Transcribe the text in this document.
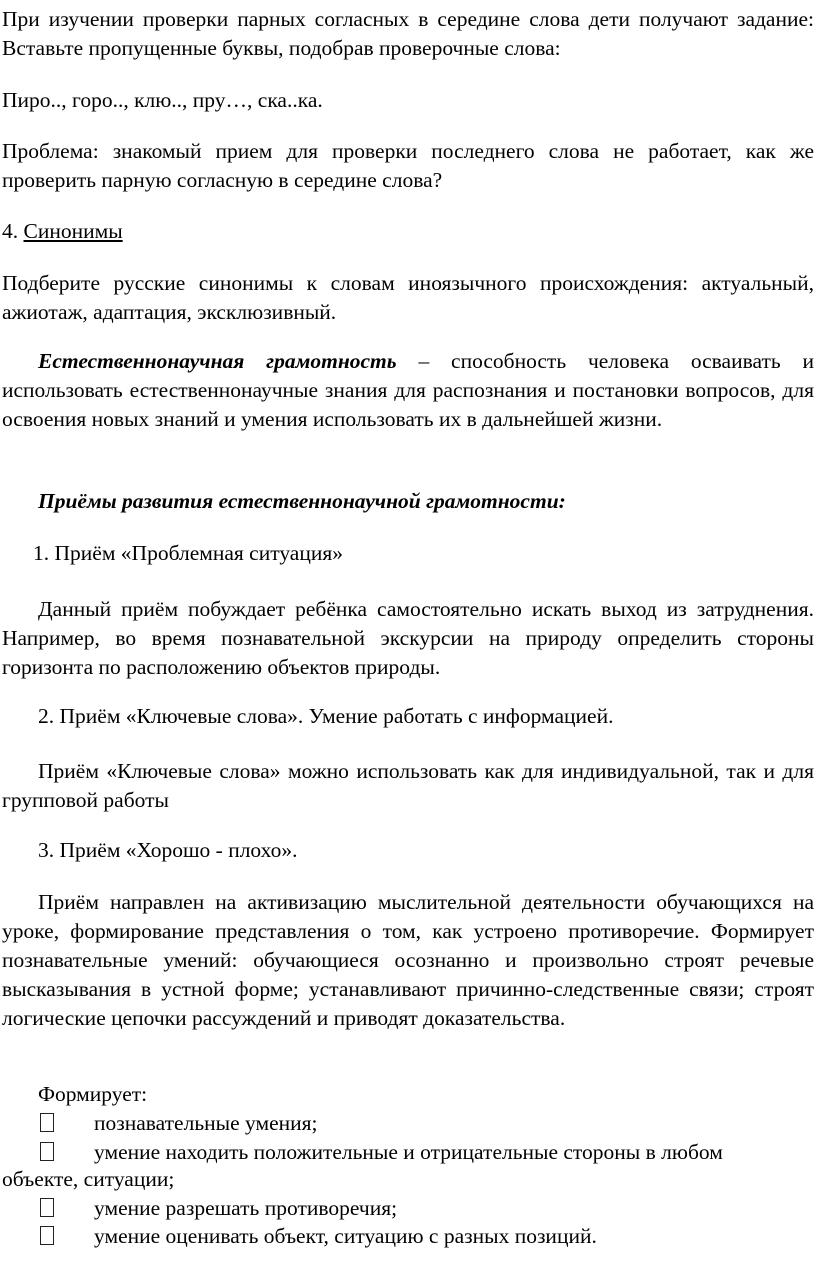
При изучении проверки парных согласных в середине слова дети получают задание: Вставьте пропущенные буквы, подобрав проверочные слова:

Пиро.., горо.., клю.., пру…, ска..ка.

Проблема: знакомый прием для проверки последнего слова не работает, как же проверить парную согласную в середине слова?

4. Синонимы

Подберите русские синонимы к словам иноязычного происхождения: актуальный, ажиотаж, адаптация, эксклюзивный.

Естественнонаучная грамотность – способность человека осваивать и использовать естественнонаучные знания для распознания и постановки вопросов, для освоения новых знаний и умения использовать их в дальнейшей жизни.

Приёмы развития естественнонаучной грамотности:

1. Приём «Проблемная ситуация»

Данный приём побуждает ребёнка самостоятельно искать выход из затруднения. Например, во время познавательной экскурсии на природу определить стороны горизонта по расположению объектов природы.

2. Приём «Ключевые слова». Умение работать с информацией.

Приём «Ключевые слова» можно использовать как для индивидуальной, так и для групповой работы

3. Приём «Хорошо - плохо».

Приём направлен на активизацию мыслительной деятельности обучающихся на уроке, формирование представления о том, как устроено противоречие. Формирует познавательные умений: обучающиеся осознанно и произвольно строят речевые высказывания в устной форме; устанавливают причинно-следственные связи; строят логические цепочки рассуждений и приводят доказательства.

Формирует:

познавательные умения;

умение находить положительные и отрицательные стороны в любом

объекте, ситуации;

умение разрешать противоречия;

умение оценивать объект, ситуацию с разных позиций.
